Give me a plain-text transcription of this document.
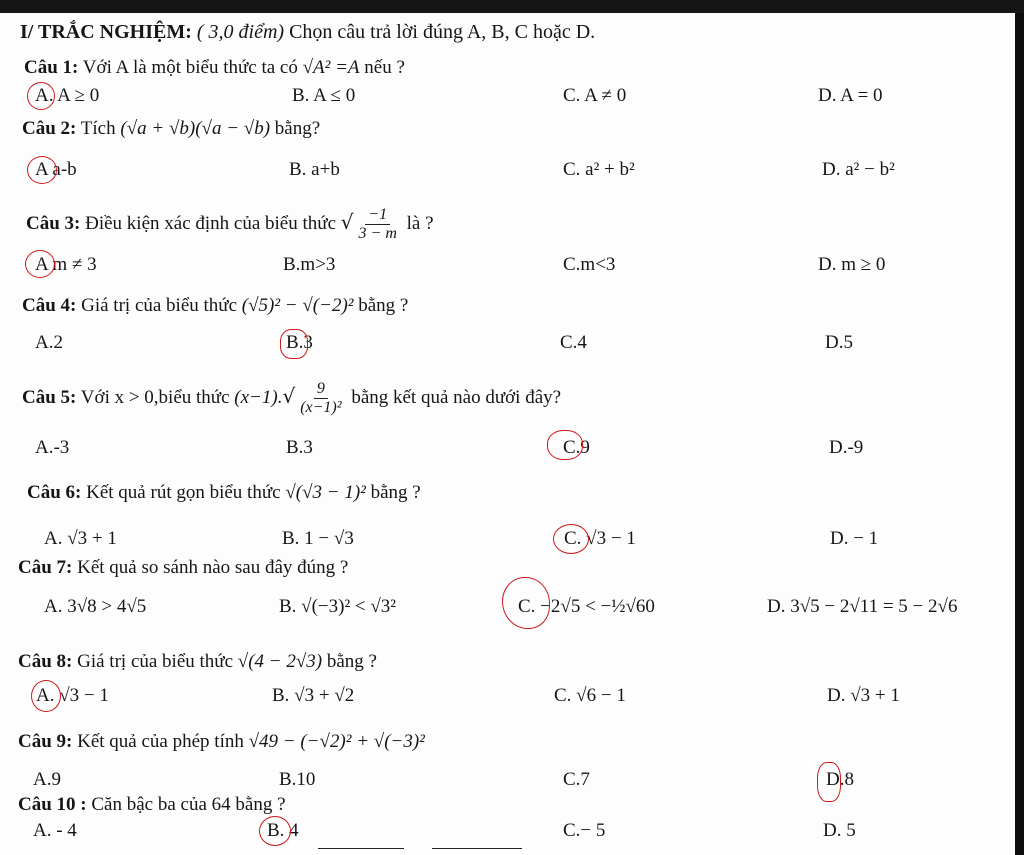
I/ TRẮC NGHIỆM: ( 3,0 điểm) Chọn câu trả lời đúng A, B, C hoặc D.
Câu 1: Với A là một biểu thức ta có √A² =A nếu ?
A. A ≥ 0	B. A ≤ 0	C. A ≠ 0	D. A = 0
Câu 2: Tích (√a + √b)(√a − √b) bằng?
A a-b	B. a+b	C. a² + b²	D. a² − b²
Câu 3: Điều kiện xác định của biểu thức √ $\frac{-1}{3 - m}$ là ?
A m ≠ 3	B.m>3	C.m<3	D. m ≥ 0
Câu 4: Giá trị của biểu thức (√5)² − √(−2)² bằng ?
A.2	B.3	C.4	D.5
Câu 5: Với x > 0,biểu thức $(x-1).√ \frac{9}{\text{(x−1)²}}$ bằng kết quả nào dưới đây?
A.-3	B.3	C.9	D.-9
Câu 6: Kết quả rút gọn biểu thức √(√3 − 1)² bằng ?
A. √3 + 1	B. 1 − √3	C. √3 − 1	D. − 1
Câu 7: Kết quả so sánh nào sau đây đúng ?
A. 3√8 > 4√5	B. √(−3)² < √3²	C. −2√5 < −½√60	D. 3√5 − 2√11 = 5 − 2√6
Câu 8: Giá trị của biểu thức √(4 − 2√3) bằng ?
A. √3 − 1	B. √3 + √2	C. √6 − 1	D. √3 + 1
Câu 9: Kết quả của phép tính √49 − (−√2)² + √(−3)²
A.9	B.10	C.7	D.8
Câu 10 : Căn bậc ba của 64 bằng ?
A. - 4	B. 4	C.− 5	D. 5
